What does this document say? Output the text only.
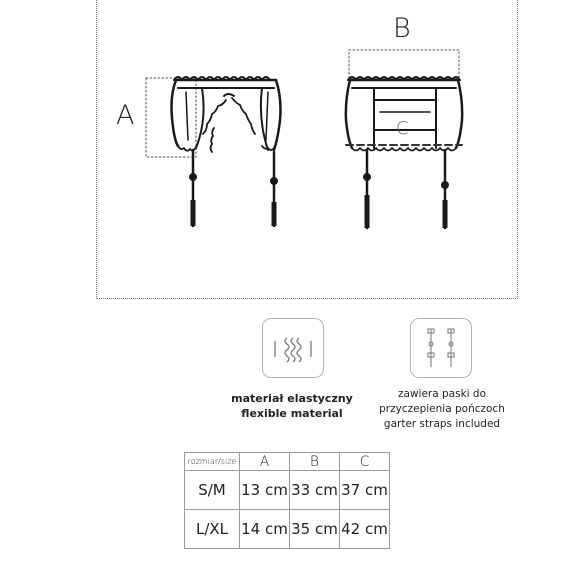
A
B
C
materiał elastyczny
flexible material
zawiera paski do
przyczepienia pończoch
garter straps included
rozmiar/size	A	B	C
S/M	13 cm	33 cm	37 cm
L/XL	14 cm	35 cm	42 cm
